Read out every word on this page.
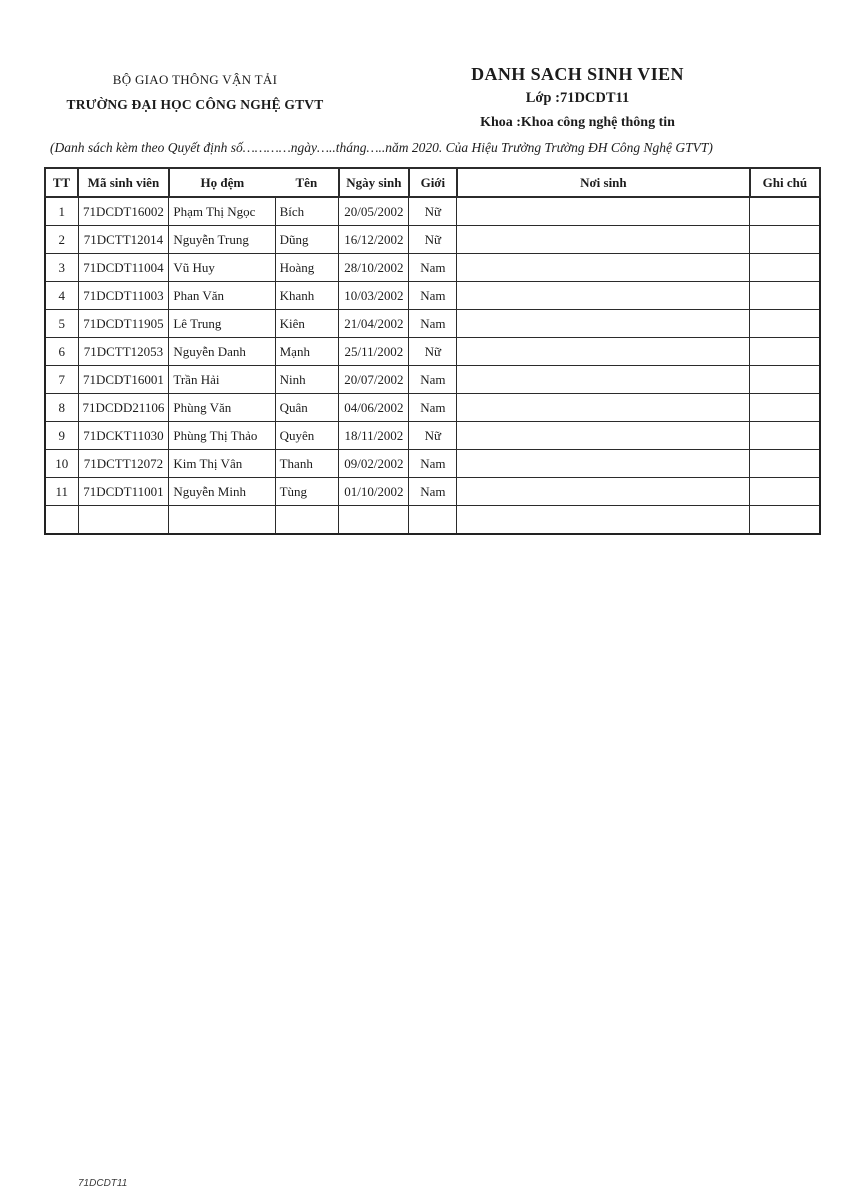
BỘ GIAO THÔNG VẬN TẢI
TRƯỜNG ĐẠI HỌC CÔNG NGHỆ GTVT
DANH SACH SINH VIEN
Lớp :71DCDT11
Khoa :Khoa công nghệ thông tin
(Danh sách kèm theo Quyết định số…………ngày…..tháng…..năm 2020. Của Hiệu Trưởng Trường ĐH Công Nghệ GTVT)
TT	Mã sinh viên	Họ đệm Tên		Ngày sinh	Giới	Nơi sinh	Ghi chú
1	71DCDT16002	Phạm Thị Ngọc	Bích	20/05/2002	Nữ		
2	71DCTT12014	Nguyễn Trung	Dũng	16/12/2002	Nữ		
3	71DCDT11004	Vũ Huy	Hoàng	28/10/2002	Nam		
4	71DCDT11003	Phan Văn	Khanh	10/03/2002	Nam		
5	71DCDT11905	Lê Trung	Kiên	21/04/2002	Nam		
6	71DCTT12053	Nguyễn Danh	Mạnh	25/11/2002	Nữ		
7	71DCDT16001	Trần Hải	Ninh	20/07/2002	Nam		
8	71DCDD21106	Phùng Văn	Quân	04/06/2002	Nam		
9	71DCKT11030	Phùng Thị Thảo	Quyên	18/11/2002	Nữ		
10	71DCTT12072	Kim Thị Vân	Thanh	09/02/2002	Nam		
11	71DCDT11001	Nguyễn Minh	Tùng	01/10/2002	Nam		

71DCDT11
